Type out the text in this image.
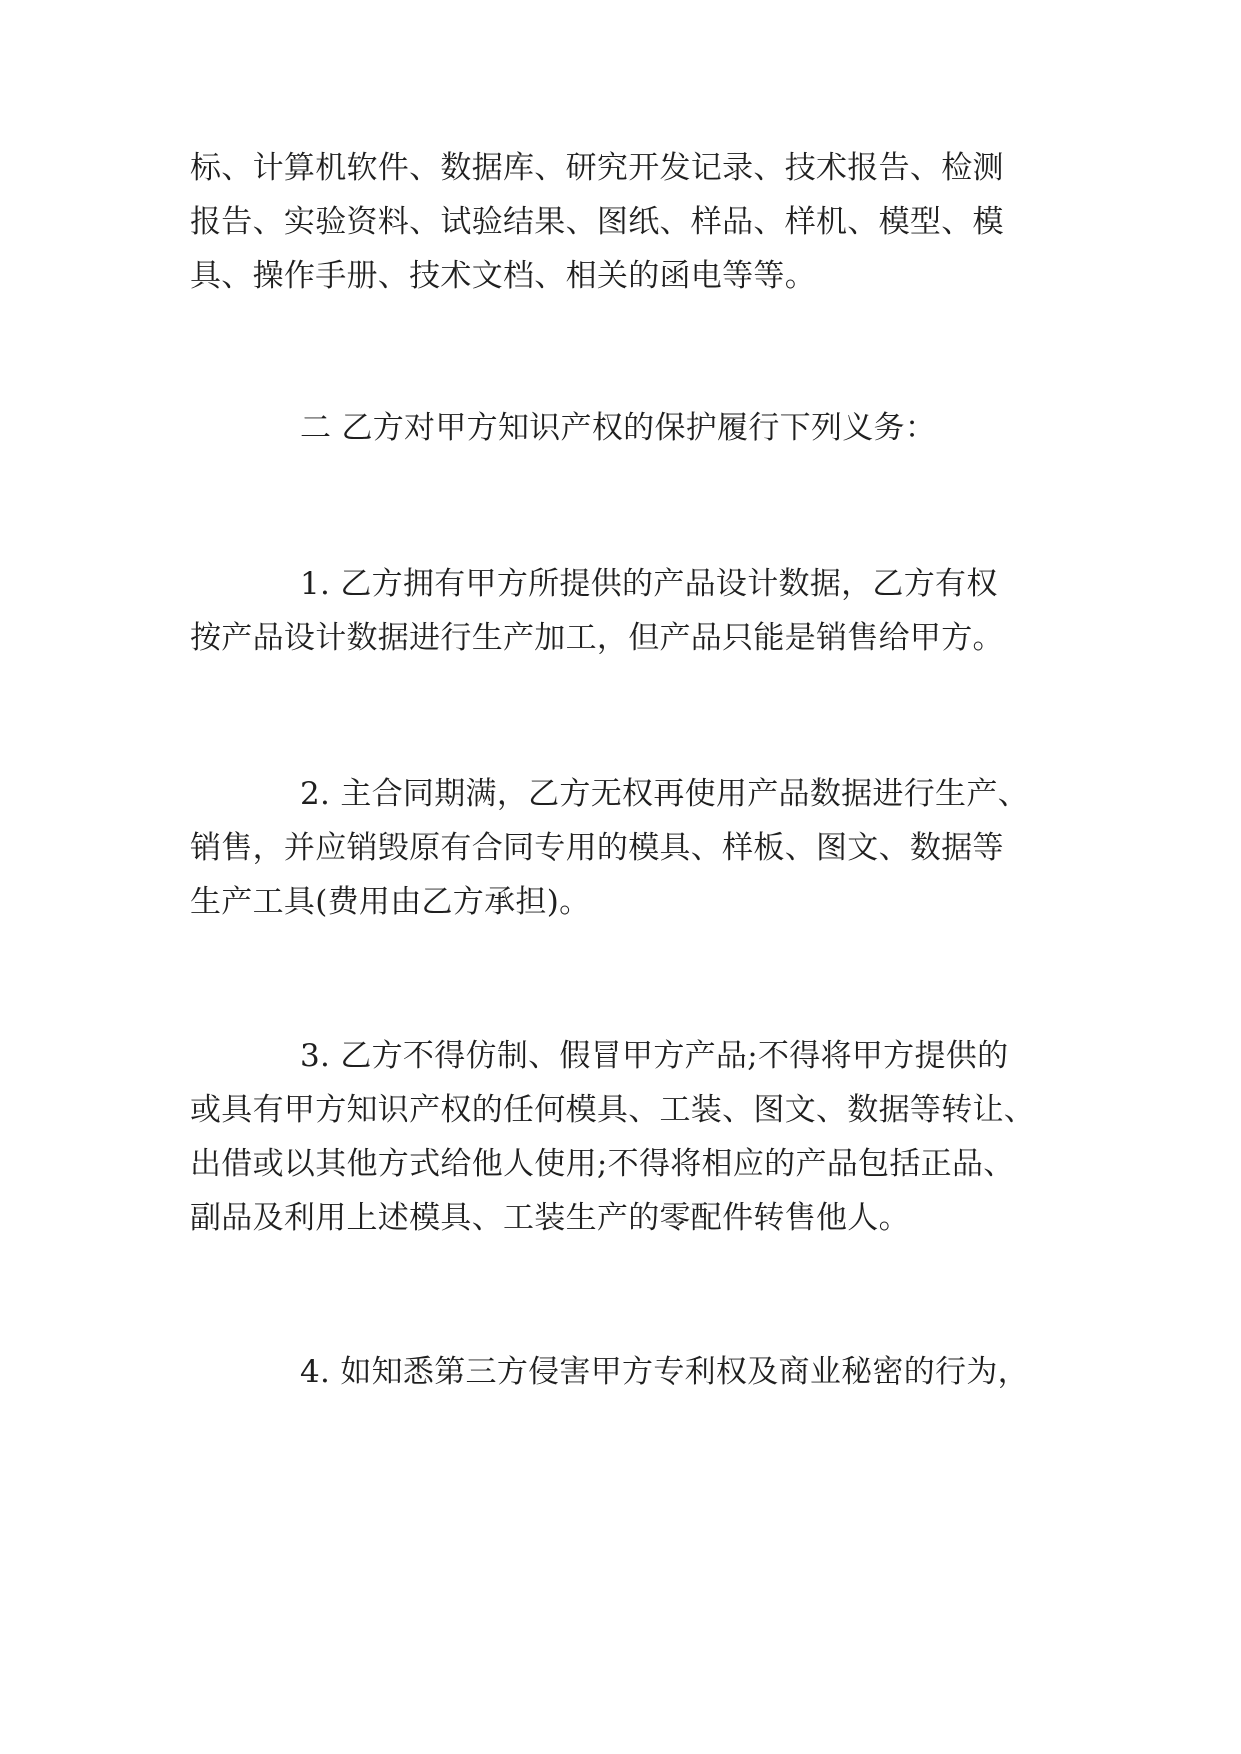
标、计算机软件、数据库、研究开发记录、技术报告、检测

报告、实验资料、试验结果、图纸、样品、样机、模型、模

具、操作手册、技术文档、相关的函电等等。

二 乙方对甲方知识产权的保护履行下列义务：

1. 乙方拥有甲方所提供的产品设计数据，乙方有权

按产品设计数据进行生产加工，但产品只能是销售给甲方。

2. 主合同期满，乙方无权再使用产品数据进行生产、

销售，并应销毁原有合同专用的模具、样板、图文、数据等

生产工具(费用由乙方承担)。

3. 乙方不得仿制、假冒甲方产品;不得将甲方提供的

或具有甲方知识产权的任何模具、工装、图文、数据等转让、

出借或以其他方式给他人使用;不得将相应的产品包括正品、

副品及利用上述模具、工装生产的零配件转售他人。

4. 如知悉第三方侵害甲方专利权及商业秘密的行为，
